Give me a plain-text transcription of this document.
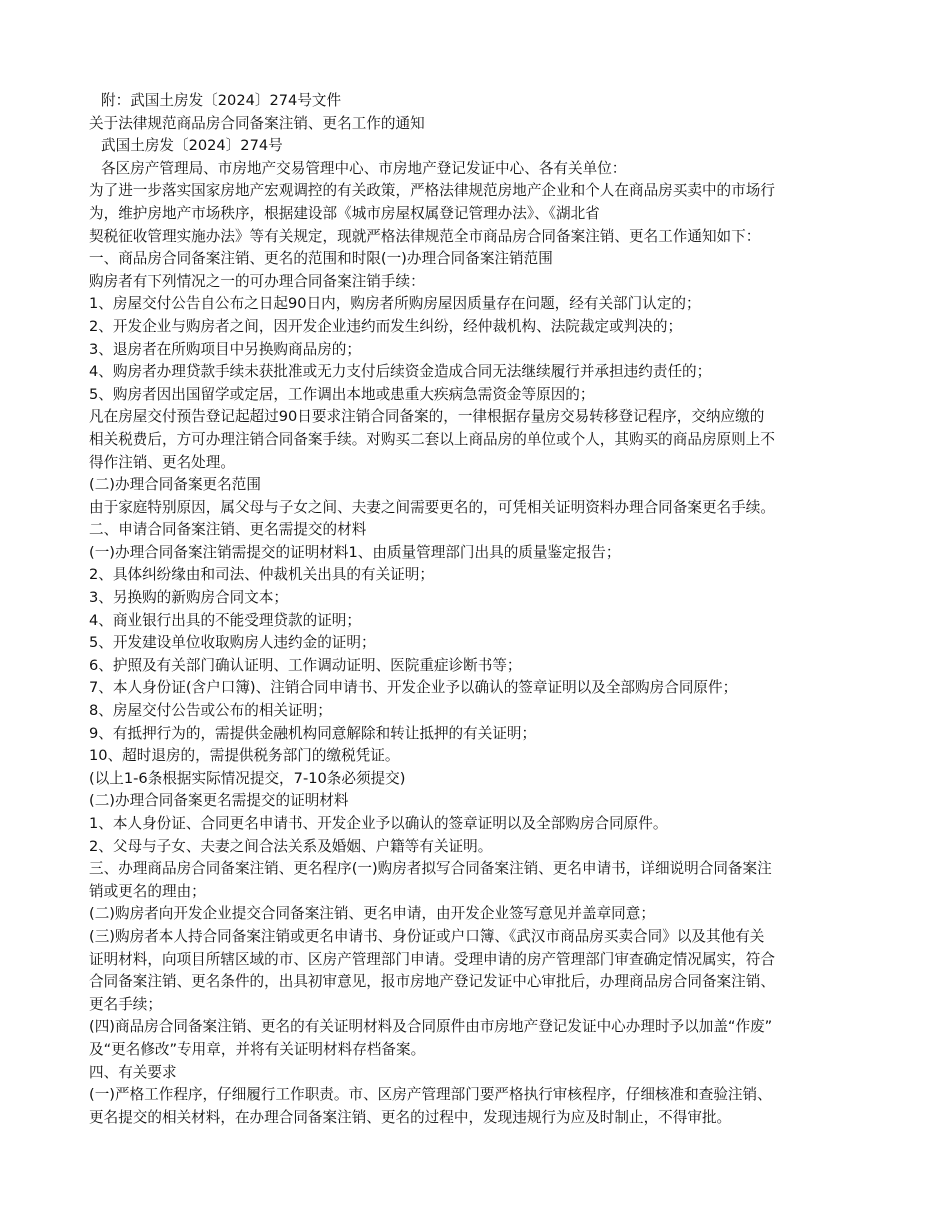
附：武国土房发〔2024〕274号文件

关于法律规范商品房合同备案注销、更名工作的通知

武国土房发〔2024〕274号

各区房产管理局、市房地产交易管理中心、市房地产登记发证中心、各有关单位：

为了进一步落实国家房地产宏观调控的有关政策，严格法律规范房地产企业和个人在商品房买卖中的市场行

为，维护房地产市场秩序，根据建设部《城市房屋权属登记管理办法》、《湖北省

契税征收管理实施办法》等有关规定，现就严格法律规范全市商品房合同备案注销、更名工作通知如下：

一、商品房合同备案注销、更名的范围和时限(一)办理合同备案注销范围

购房者有下列情况之一的可办理合同备案注销手续：

1、房屋交付公告自公布之日起90日内，购房者所购房屋因质量存在问题，经有关部门认定的；

2、开发企业与购房者之间，因开发企业违约而发生纠纷，经仲裁机构、法院裁定或判决的；

3、退房者在所购项目中另换购商品房的；

4、购房者办理贷款手续未获批准或无力支付后续资金造成合同无法继续履行并承担违约责任的；

5、购房者因出国留学或定居，工作调出本地或患重大疾病急需资金等原因的；

凡在房屋交付预告登记起超过90日要求注销合同备案的，一律根据存量房交易转移登记程序，交纳应缴的

相关税费后，方可办理注销合同备案手续。对购买二套以上商品房的单位或个人，其购买的商品房原则上不

得作注销、更名处理。

(二)办理合同备案更名范围

由于家庭特别原因，属父母与子女之间、夫妻之间需要更名的，可凭相关证明资料办理合同备案更名手续。

二、申请合同备案注销、更名需提交的材料

(一)办理合同备案注销需提交的证明材料1、由质量管理部门出具的质量鉴定报告；

2、具体纠纷缘由和司法、仲裁机关出具的有关证明；

3、另换购的新购房合同文本；

4、商业银行出具的不能受理贷款的证明；

5、开发建设单位收取购房人违约金的证明；

6、护照及有关部门确认证明、工作调动证明、医院重症诊断书等；

7、本人身份证(含户口簿)、注销合同申请书、开发企业予以确认的签章证明以及全部购房合同原件；

8、房屋交付公告或公布的相关证明；

9、有抵押行为的，需提供金融机构同意解除和转让抵押的有关证明；

10、超时退房的，需提供税务部门的缴税凭证。

(以上1-6条根据实际情况提交，7-10条必须提交)

(二)办理合同备案更名需提交的证明材料

1、本人身份证、合同更名申请书、开发企业予以确认的签章证明以及全部购房合同原件。

2、父母与子女、夫妻之间合法关系及婚姻、户籍等有关证明。

三、办理商品房合同备案注销、更名程序(一)购房者拟写合同备案注销、更名申请书，详细说明合同备案注

销或更名的理由；

(二)购房者向开发企业提交合同备案注销、更名申请，由开发企业签写意见并盖章同意；

(三)购房者本人持合同备案注销或更名申请书、身份证或户口簿、《武汉市商品房买卖合同》以及其他有关

证明材料，向项目所辖区域的市、区房产管理部门申请。受理申请的房产管理部门审查确定情况属实，符合

合同备案注销、更名条件的，出具初审意见，报市房地产登记发证中心审批后，办理商品房合同备案注销、

更名手续；

(四)商品房合同备案注销、更名的有关证明材料及合同原件由市房地产登记发证中心办理时予以加盖“作废”

及“更名修改”专用章，并将有关证明材料存档备案。

四、有关要求

(一)严格工作程序，仔细履行工作职责。市、区房产管理部门要严格执行审核程序，仔细核准和查验注销、

更名提交的相关材料，在办理合同备案注销、更名的过程中，发现违规行为应及时制止，不得审批。
